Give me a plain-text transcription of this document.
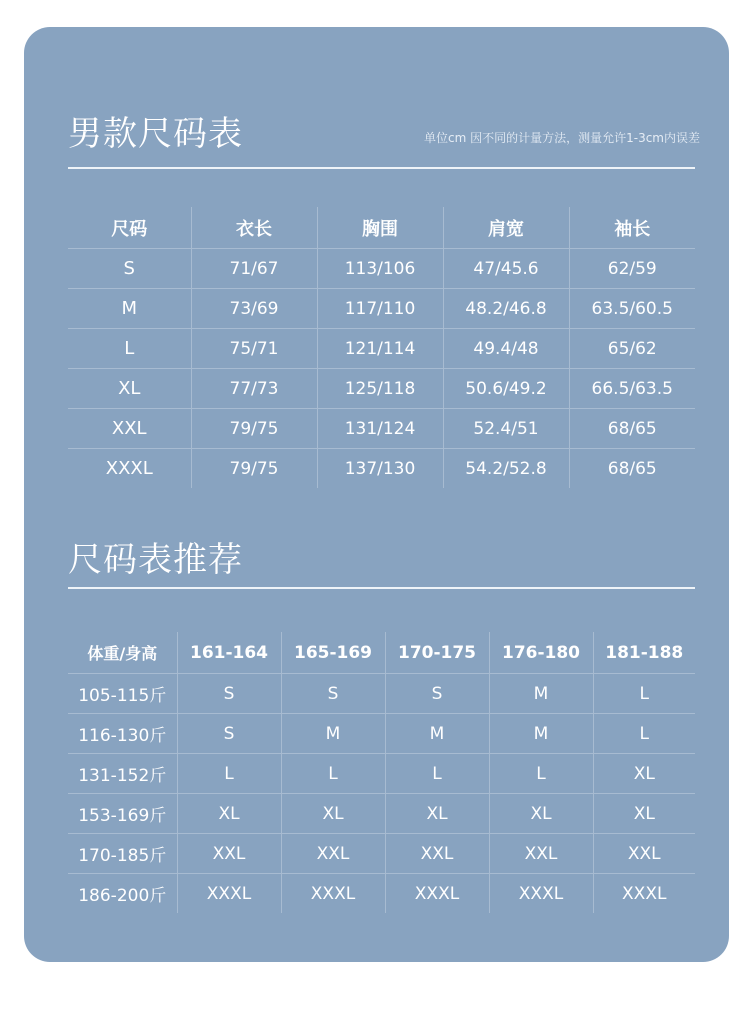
男款尺码表	单位cm 因不同的计量方法，测量允许1-3cm内误差
尺码	衣长	胸围	肩宽	袖长
S	71/67	113/106	47/45.6	62/59
M	73/69	117/110	48.2/46.8	63.5/60.5
L	75/71	121/114	49.4/48	65/62
XL	77/73	125/118	50.6/49.2	66.5/63.5
XXL	79/75	131/124	52.4/51	68/65
XXXL	79/75	137/130	54.2/52.8	68/65
尺码表推荐
体重/身高	161-164	165-169	170-175	176-180	181-188
105-115斤	S	S	S	M	L
116-130斤	S	M	M	M	L
131-152斤	L	L	L	L	XL
153-169斤	XL	XL	XL	XL	XL
170-185斤	XXL	XXL	XXL	XXL	XXL
186-200斤	XXXL	XXXL	XXXL	XXXL	XXXL
